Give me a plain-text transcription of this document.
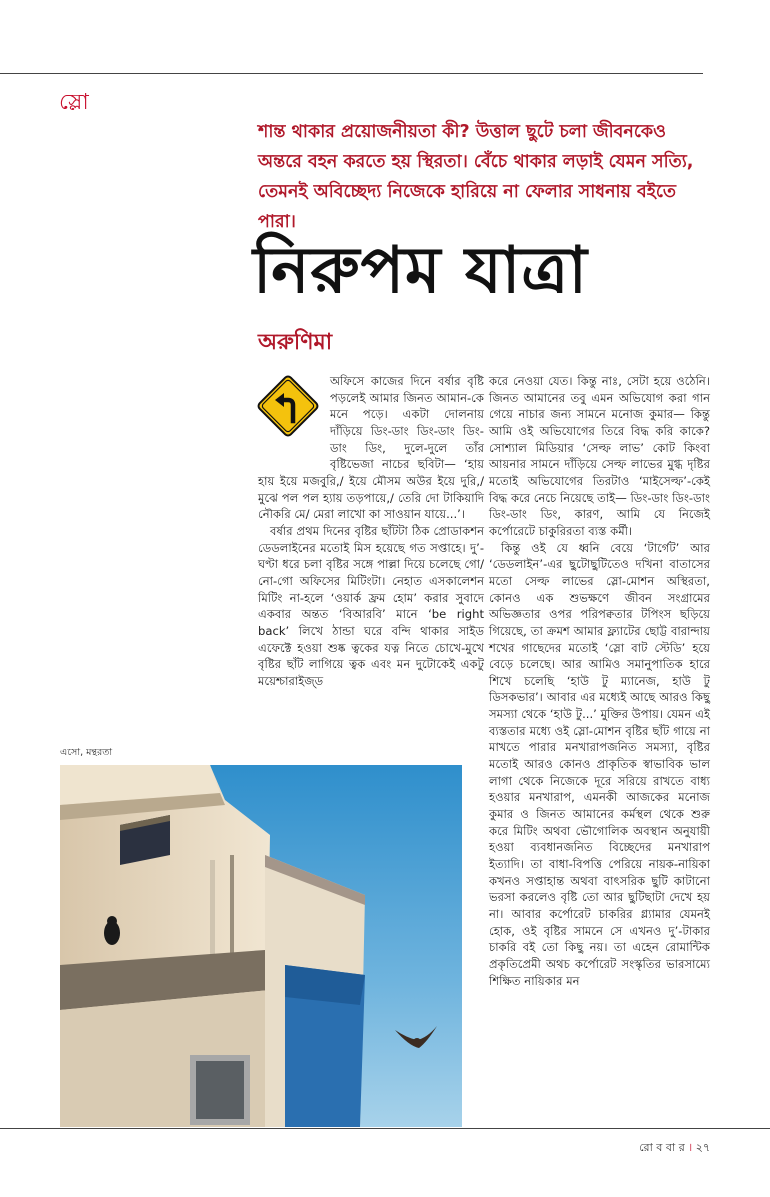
স্লো
শান্ত থাকার প্রয়োজনীয়তা কী? উত্তাল ছুটে চলা জীবনকেও অন্তরে বহন করতে হয় স্থিরতা। বেঁচে থাকার লড়াই যেমন সত্যি, তেমনই অবিচ্ছেদ্য নিজেকে হারিয়ে না ফেলার সাধনায় বইতে পারা।
নিরুপম যাত্রা
অরুণিমা

অফিসে কাজের দিনে বর্ষার বৃষ্টি পড়লেই আমার জিনত আমান-কে মনে পড়ে। একটা দোলনায় দাঁড়িয়ে ডিং-ডাং ডিং-ডাং ডিং-ডাং ডিং, দুলে-দুলে তাঁর বৃষ্টিভেজা নাচের ছবিটা— ‘হায় হায় ইয়ে মজবুরি,/ ইয়ে মৌসম অউর ইয়ে দুরি,/ মুঝে পল পল হ্যায় তড়পায়ে,/ তেরি দো টাকিয়াদি নৌকরি মে/ মেরা লাখো কা সাওয়ান যায়ে...’।

বর্ষার প্রথম দিনের বৃষ্টির ছাঁটটা ঠিক প্রোডাকশন ডেডলাইনের মতোই মিস হয়েছে গত সপ্তাহে। দু’-ঘণ্টা ধরে চলা বৃষ্টির সঙ্গে পাল্লা দিয়ে চলেছে গো/নো-গো অফিসের মিটিংটা। নেহাত এসকালেশন মিটিং না-হলে ‘ওয়ার্ক ফ্রম হোম’ করার সুবাদে একবার অন্তত ‘বিআরবি’ মানে ‘be right back’ লিখে ঠান্ডা ঘরে বন্দি থাকার সাইড এফেক্টে হওয়া শুষ্ক ত্বকের যত্ন নিতে চোখে-মুখে বৃষ্টির ছাঁট লাগিয়ে ত্বক এবং মন দুটোকেই একটু ময়েশ্চারাইজ্‌ড

করে নেওয়া যেত। কিন্তু নাঃ, সেটা হয়ে ওঠেনি। জিনত আমানের তবু এমন অভিযোগ করা গান গেয়ে নাচার জন্য সামনে মনোজ কুমার— কিন্তু আমি ওই অভিযোগের তিরে বিদ্ধ করি কাকে? সোশ্যাল মিডিয়ার ‘সেল্ফ লাভ’ কোট কিংবা আয়নার সামনে দাঁড়িয়ে সেল্ফ লাভের মুগ্ধ দৃষ্টির মতোই অভিযোগের তিরটাও ‘মাইসেল্ফ’-কেই বিদ্ধ করে নেচে নিয়েছে তাই— ডিং-ডাং ডিং-ডাং ডিং-ডাং ডিং, কারণ, আমি যে নিজেই কর্পোরেটে চাকুরিরতা ব্যস্ত কর্মী।

কিন্তু ওই যে ধ্বনি বেয়ে ‘টার্গেট’ আর ‘ডেডলাইন’-এর ছুটোছুটিতেও দখিনা বাতাসের মতো সেল্ফ লাভের স্লো-মোশন অস্থিরতা, কোনও এক শুভক্ষণে জীবন সংগ্রামের অভিজ্ঞতার ওপর পরিপক্বতার টপিংস ছড়িয়ে গিয়েছে, তা ক্রমশ আমার ফ্ল্যাটের ছোট্ট বারান্দায় শখের গাছেদের মতোই ‘স্লো বাট স্টেডি’ হয়ে বেড়ে চলেছে। আর আমিও সমানুপাতিক হারে শিখে চলেছি ‘হাউ টু ম্যানেজ, হাউ টু ডিসকভার’। আবার এর মধ্যেই আছে আরও কিছু সমস্যা থেকে ‘হাউ টু...’ মুক্তির উপায়। যেমন এই ব্যস্ততার মধ্যে ওই স্লো-মোশন বৃষ্টির ছাঁট গায়ে না মাখতে পারার মনখারাপজনিত সমস্যা, বৃষ্টির মতোই আরও কোনও প্রাকৃতিক স্বাভাবিক ভাল লাগা থেকে নিজেকে দূরে সরিয়ে রাখতে বাধ্য হওয়ার মনখারাপ, এমনকী আজকের মনোজ কুমার ও জিনত আমানের কর্মস্থল থেকে শুরু করে মিটিং অথবা ভৌগোলিক অবস্থান অনুযায়ী হওয়া ব্যবধানজনিত বিচ্ছেদের মনখারাপ ইত্যাদি। তা বাধা-বিপত্তি পেরিয়ে নায়ক-নায়িকা কখনও সপ্তাহান্ত অথবা বাৎসরিক ছুটি কাটানো ভরসা করলেও বৃষ্টি তো আর ছুটিছাটা দেখে হয় না। আবার কর্পোরেট চাকরির গ্ল্যামার যেমনই হোক, ওই বৃষ্টির সামনে সে এখনও দু’-টাকার চাকরি বই তো কিছু নয়। তা এহেন রোমান্টিক প্রকৃতিপ্রেমী অথচ কর্পোরেট সংস্কৃতির ভারসাম্যে শিক্ষিত নায়িকার মন

এসো, মন্থরতা
রো ব বা র । ২৭
